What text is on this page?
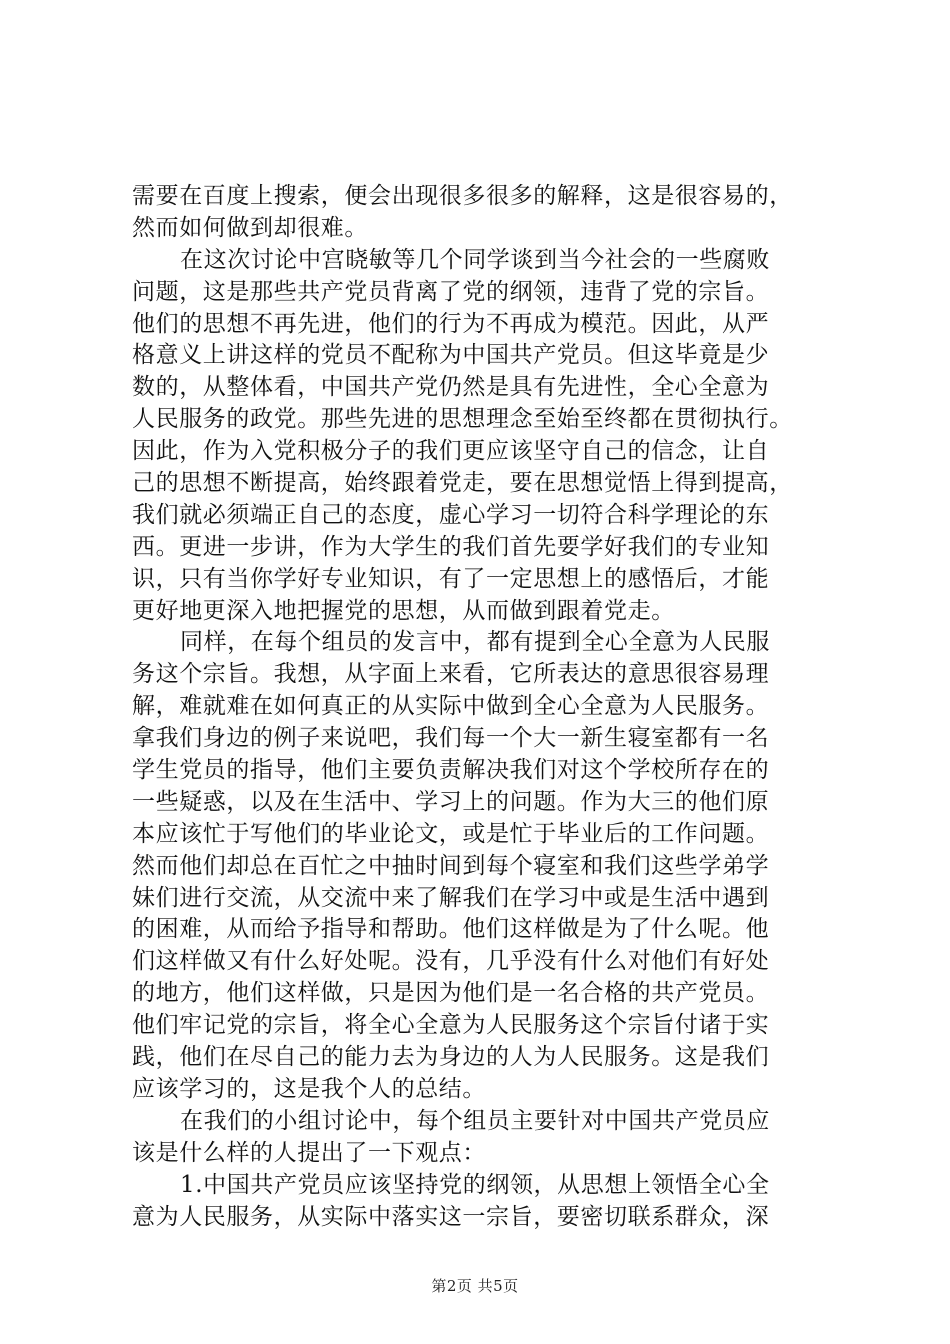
需要在百度上搜索，便会出现很多很多的解释，这是很容易的，
然而如何做到却很难。
在这次讨论中宫晓敏等几个同学谈到当今社会的一些腐败
问题，这是那些共产党员背离了党的纲领，违背了党的宗旨。
他们的思想不再先进，他们的行为不再成为模范。因此，从严
格意义上讲这样的党员不配称为中国共产党员。但这毕竟是少
数的，从整体看，中国共产党仍然是具有先进性，全心全意为
人民服务的政党。那些先进的思想理念至始至终都在贯彻执行。
因此，作为入党积极分子的我们更应该坚守自己的信念，让自
己的思想不断提高，始终跟着党走，要在思想觉悟上得到提高，
我们就必须端正自己的态度，虚心学习一切符合科学理论的东
西。更进一步讲，作为大学生的我们首先要学好我们的专业知
识，只有当你学好专业知识，有了一定思想上的感悟后，才能
更好地更深入地把握党的思想，从而做到跟着党走。
同样，在每个组员的发言中，都有提到全心全意为人民服
务这个宗旨。我想，从字面上来看，它所表达的意思很容易理
解，难就难在如何真正的从实际中做到全心全意为人民服务。
拿我们身边的例子来说吧，我们每一个大一新生寝室都有一名
学生党员的指导，他们主要负责解决我们对这个学校所存在的
一些疑惑，以及在生活中、学习上的问题。作为大三的他们原
本应该忙于写他们的毕业论文，或是忙于毕业后的工作问题。
然而他们却总在百忙之中抽时间到每个寝室和我们这些学弟学
妹们进行交流，从交流中来了解我们在学习中或是生活中遇到
的困难，从而给予指导和帮助。他们这样做是为了什么呢。他
们这样做又有什么好处呢。没有，几乎没有什么对他们有好处
的地方，他们这样做，只是因为他们是一名合格的共产党员。
他们牢记党的宗旨，将全心全意为人民服务这个宗旨付诸于实
践，他们在尽自己的能力去为身边的人为人民服务。这是我们
应该学习的，这是我个人的总结。
在我们的小组讨论中，每个组员主要针对中国共产党员应
该是什么样的人提出了一下观点：
1.中国共产党员应该坚持党的纲领，从思想上领悟全心全
意为人民服务，从实际中落实这一宗旨，要密切联系群众，深
第2页 共5页
